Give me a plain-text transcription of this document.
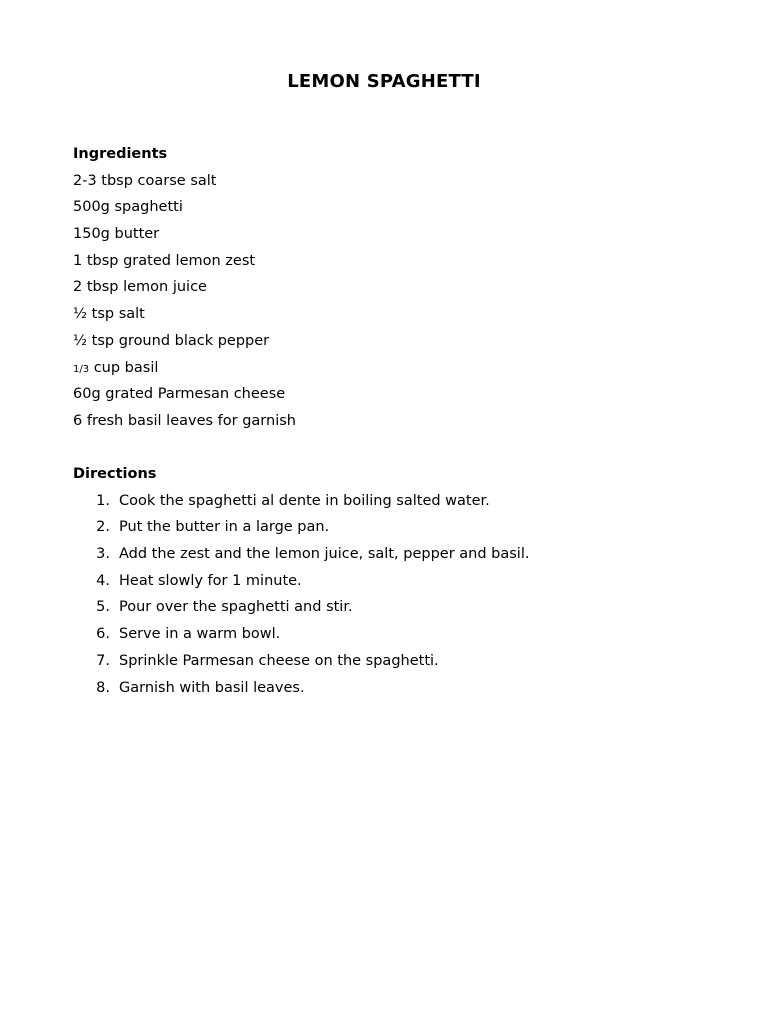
LEMON SPAGHETTI
Ingredients
2-3 tbsp coarse salt
500g spaghetti
150g butter
1 tbsp grated lemon zest
2 tbsp lemon juice
½ tsp salt
½ tsp ground black pepper
1/3 cup basil
60g grated Parmesan cheese
6 fresh basil leaves for garnish
Directions
1. Cook the spaghetti al dente in boiling salted water.
2. Put the butter in a large pan.
3. Add the zest and the lemon juice, salt, pepper and basil.
4. Heat slowly for 1 minute.
5. Pour over the spaghetti and stir.
6. Serve in a warm bowl.
7. Sprinkle Parmesan cheese on the spaghetti.
8. Garnish with basil leaves.
